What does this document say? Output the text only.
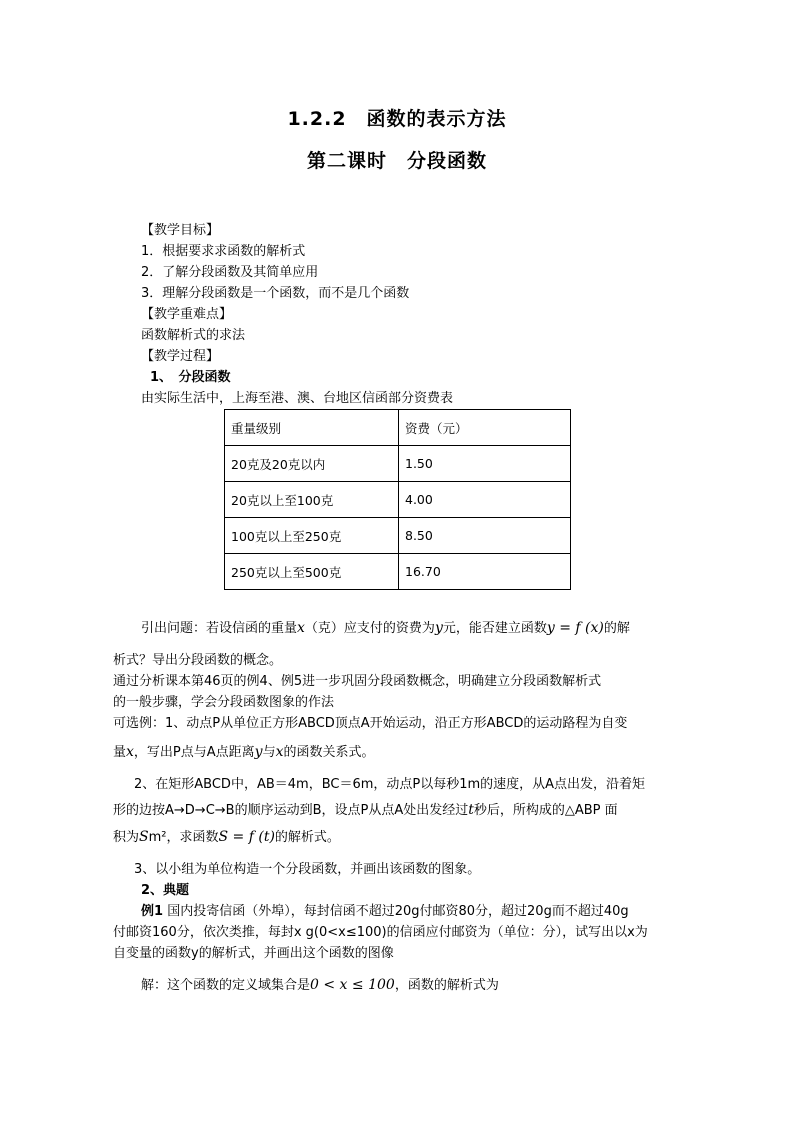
1.2.2　函数的表示方法
第二课时　分段函数
【教学目标】
1．根据要求求函数的解析式
2．了解分段函数及其简单应用
3．理解分段函数是一个函数，而不是几个函数
【教学重难点】
函数解析式的求法
【教学过程】
1、　分段函数
由实际生活中，上海至港、澳、台地区信函部分资费表
重量级别	资费（元）
20克及20克以内	1.50
20克以上至100克	4.00
100克以上至250克	8.50
250克以上至500克	16.70
引出问题：若设信函的重量x（克）应支付的资费为y元，能否建立函数y = f (x)的解
析式？导出分段函数的概念。
通过分析课本第46页的例4、例5进一步巩固分段函数概念，明确建立分段函数解析式
的一般步骤，学会分段函数图象的作法
可选例：1、动点P从单位正方形ABCD顶点A开始运动，沿正方形ABCD的运动路程为自变
量x，写出P点与A点距离y与x的函数关系式。
2、在矩形ABCD中，AB＝4m，BC＝6m，动点P以每秒1m的速度，从A点出发，沿着矩
形的边按A→D→C→B的顺序运动到B，设点P从点A处出发经过t秒后，所构成的△ABP 面
积为Sm²，求函数S = f (t)的解析式。
3、以小组为单位构造一个分段函数，并画出该函数的图象。
2、典题
例1 国内投寄信函（外埠），每封信函不超过20g付邮资80分，超过20g而不超过40g
付邮资160分，依次类推，每封x g(0<x≤100)的信函应付邮资为（单位：分），试写出以x为
自变量的函数y的解析式，并画出这个函数的图像
解：这个函数的定义域集合是0 < x ≤ 100，函数的解析式为
